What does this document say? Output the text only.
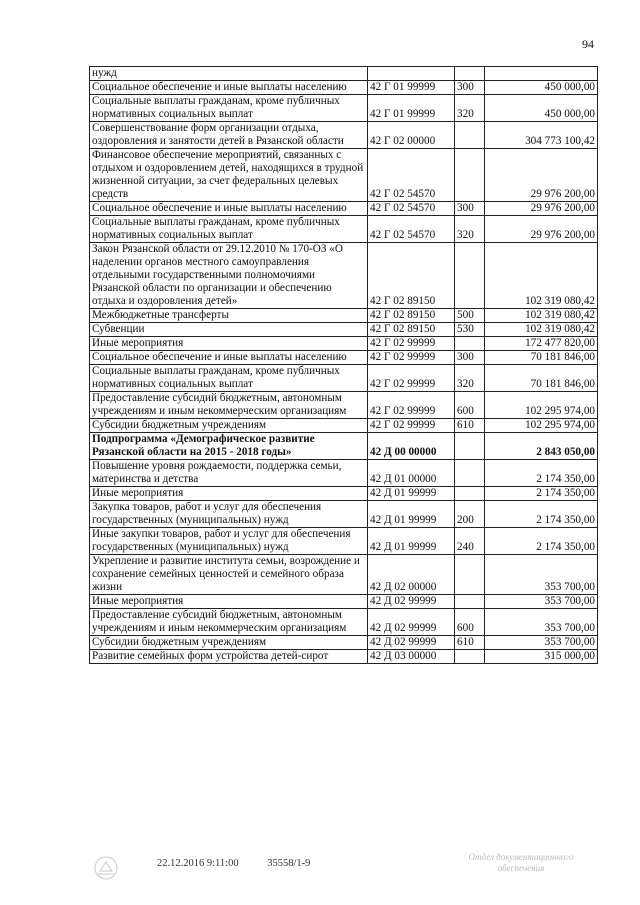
94
нужд			
Социальное обеспечение и иные выплаты населению	42 Г 01 99999	300	450 000,00
Социальные выплаты гражданам, кроме публичных нормативных социальных выплат	42 Г 01 99999	320	450 000,00
Совершенствование форм организации отдыха, оздоровления и занятости детей в Рязанской области	42 Г 02 00000		304 773 100,42
Финансовое обеспечение мероприятий, связанных с отдыхом и оздоровлением детей, находящихся в трудной жизненной ситуации, за счет федеральных целевых средств	42 Г 02 54570		29 976 200,00
Социальное обеспечение и иные выплаты населению	42 Г 02 54570	300	29 976 200,00
Социальные выплаты гражданам, кроме публичных нормативных социальных выплат	42 Г 02 54570	320	29 976 200,00
Закон Рязанской области от 29.12.2010 № 170-ОЗ «О наделении органов местного самоуправления отдельными государственными полномочиями Рязанской области по организации и обеспечению отдыха и оздоровления детей»	42 Г 02 89150		102 319 080,42
Межбюджетные трансферты	42 Г 02 89150	500	102 319 080,42
Субвенции	42 Г 02 89150	530	102 319 080,42
Иные мероприятия	42 Г 02 99999		172 477 820,00
Социальное обеспечение и иные выплаты населению	42 Г 02 99999	300	70 181 846,00
Социальные выплаты гражданам, кроме публичных нормативных социальных выплат	42 Г 02 99999	320	70 181 846,00
Предоставление субсидий бюджетным, автономным учреждениям и иным некоммерческим организациям	42 Г 02 99999	600	102 295 974,00
Субсидии бюджетным учреждениям	42 Г 02 99999	610	102 295 974,00
Подпрограмма «Демографическое развитие Рязанской области на 2015 - 2018 годы»	42 Д 00 00000		2 843 050,00
Повышение уровня рождаемости, поддержка семьи, материнства и детства	42 Д 01 00000		2 174 350,00
Иные мероприятия	42 Д 01 99999		2 174 350,00
Закупка товаров, работ и услуг для обеспечения государственных (муниципальных) нужд	42 Д 01 99999	200	2 174 350,00
Иные закупки товаров, работ и услуг для обеспечения государственных (муниципальных) нужд	42 Д 01 99999	240	2 174 350,00
Укрепление и развитие института семьи, возрождение и сохранение семейных ценностей и семейного образа жизни	42 Д 02 00000		353 700,00
Иные мероприятия	42 Д 02 99999		353 700,00
Предоставление субсидий бюджетным, автономным учреждениям и иным некоммерческим организациям	42 Д 02 99999	600	353 700,00
Субсидии бюджетным учреждениям	42 Д 02 99999	610	353 700,00
Развитие семейных форм устройства детей-сирот	42 Д 03 00000		315 000,00
22.12.2016 9:11:00	35558/1-9
Отдел документационного обеспечения
